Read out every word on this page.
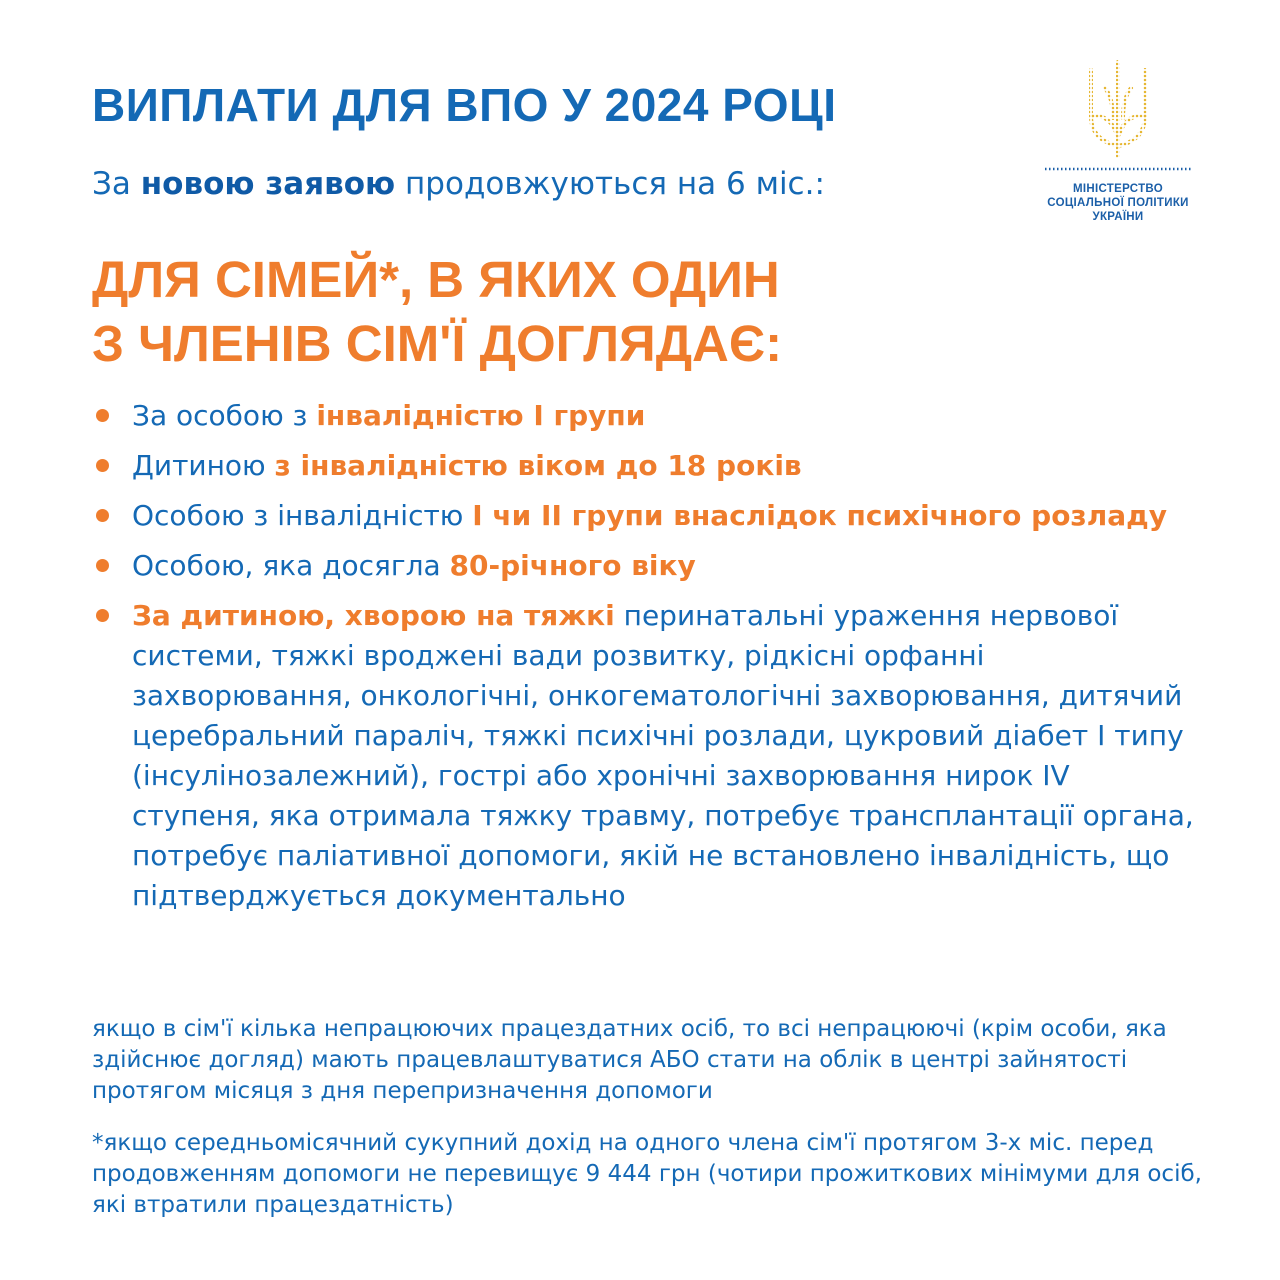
ВИПЛАТИ ДЛЯ ВПО У 2024 РОЦІ

За новою заявою продовжуються на 6 міс.:

ДЛЯ СІМЕЙ*, В ЯКИХ ОДИН
З ЧЛЕНІВ СІМ'Ї ДОГЛЯДАЄ:
МІНІСТЕРСТВО
СОЦІАЛЬНОЇ ПОЛІТИКИ
УКРАЇНИ
За особою з інвалідністю I групи
Дитиною з інвалідністю віком до 18 років
Особою з інвалідністю I чи II групи внаслідок психічного розладу
Особою, яка досягла 80-річного віку
За дитиною, хворою на тяжкі перинатальні ураження нервової системи, тяжкі вроджені вади розвитку, рідкісні орфанні захворювання, онкологічні, онкогематологічні захворювання, дитячий церебральний параліч, тяжкі психічні розлади, цукровий діабет I типу (інсулінозалежний), гострі або хронічні захворювання нирок IV ступеня, яка отримала тяжку травму, потребує трансплантації органа, потребує паліативної допомоги, якій не встановлено інвалідність, що підтверджується документально

якщо в сім'ї кілька непрацюючих працездатних осіб, то всі непрацюючі (крім особи, яка здійснює догляд) мають працевлаштуватися АБО стати на облік в центрі зайнятості протягом місяця з дня перепризначення допомоги

*якщо середньомісячний сукупний дохід на одного члена сім'ї протягом 3-х міс. перед продовженням допомоги не перевищує 9 444 грн (чотири прожиткових мінімуми для осіб, які втратили працездатність)
